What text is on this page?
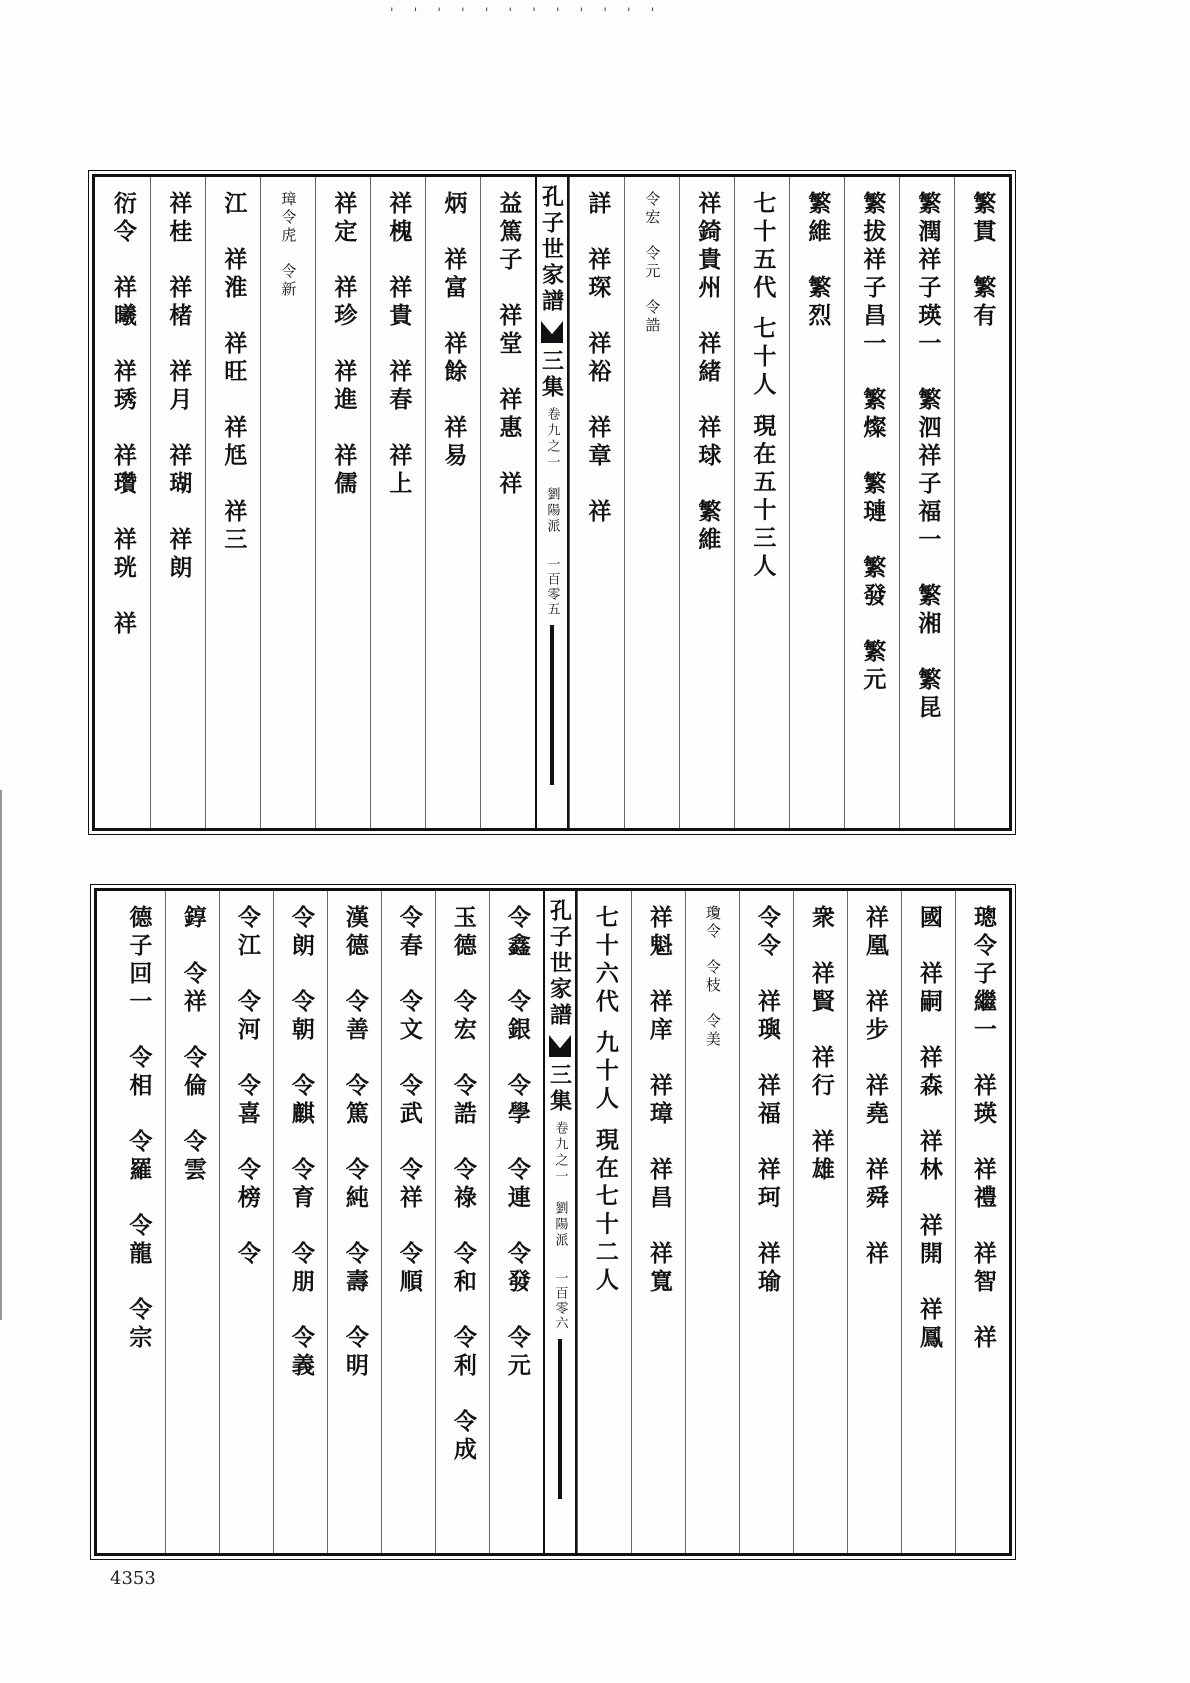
' ' ' ' ' ' ' ' ' ' ' '
繁貫　繁有
繁潤祥子瑛一　繁泗祥子福一　繁湘　繁昆
繁拔祥子昌一　繁燦　繁璉　繁發　繁元
繁維　繁烈
七十五代 七十人 現在五十三人
祥錡貴州　祥緒　祥球　繁維
令宏　令元　令誥
詳　祥琛　祥裕　祥章　祥
孔子世家譜
三集
卷九之一　劉陽派
一百零五
益篤子　祥堂　祥惠　祥
炳　祥富　祥餘　祥易
祥槐　祥貴　祥春　祥上
祥定　祥珍　祥進　祥儒
璋令虎　令新
江　祥淮　祥旺　祥尪　祥三
祥桂　祥楮　祥月　祥瑚　祥朗
衍令　祥曦　祥琇　祥瓚　祥珖　祥
璁令子繼一　祥瑛　祥禮　祥智　祥
國　祥嗣　祥森　祥林　祥開　祥鳳
祥凰　祥步　祥堯　祥舜　祥
衆　祥賢　祥行　祥雄
令令　祥璵　祥福　祥珂　祥瑜
瓊令　令枝　令美
祥魁　祥庠　祥璋　祥昌　祥寬
七十六代 九十人 現在七十二人
孔子世家譜
三集
卷九之一　劉陽派
一百零六
令鑫　令銀　令學　令連　令發　令元
玉德　令宏　令誥　令祿　令和　令利　令成
令春　令文　令武　令祥　令順
漢德　令善　令篤　令純　令壽　令明
令朗　令朝　令麒　令育　令朋　令義
令江　令河　令喜　令榜　令
錞　令祥　令倫　令雲
德子回一　令相　令羅　令龍　令宗
4353
